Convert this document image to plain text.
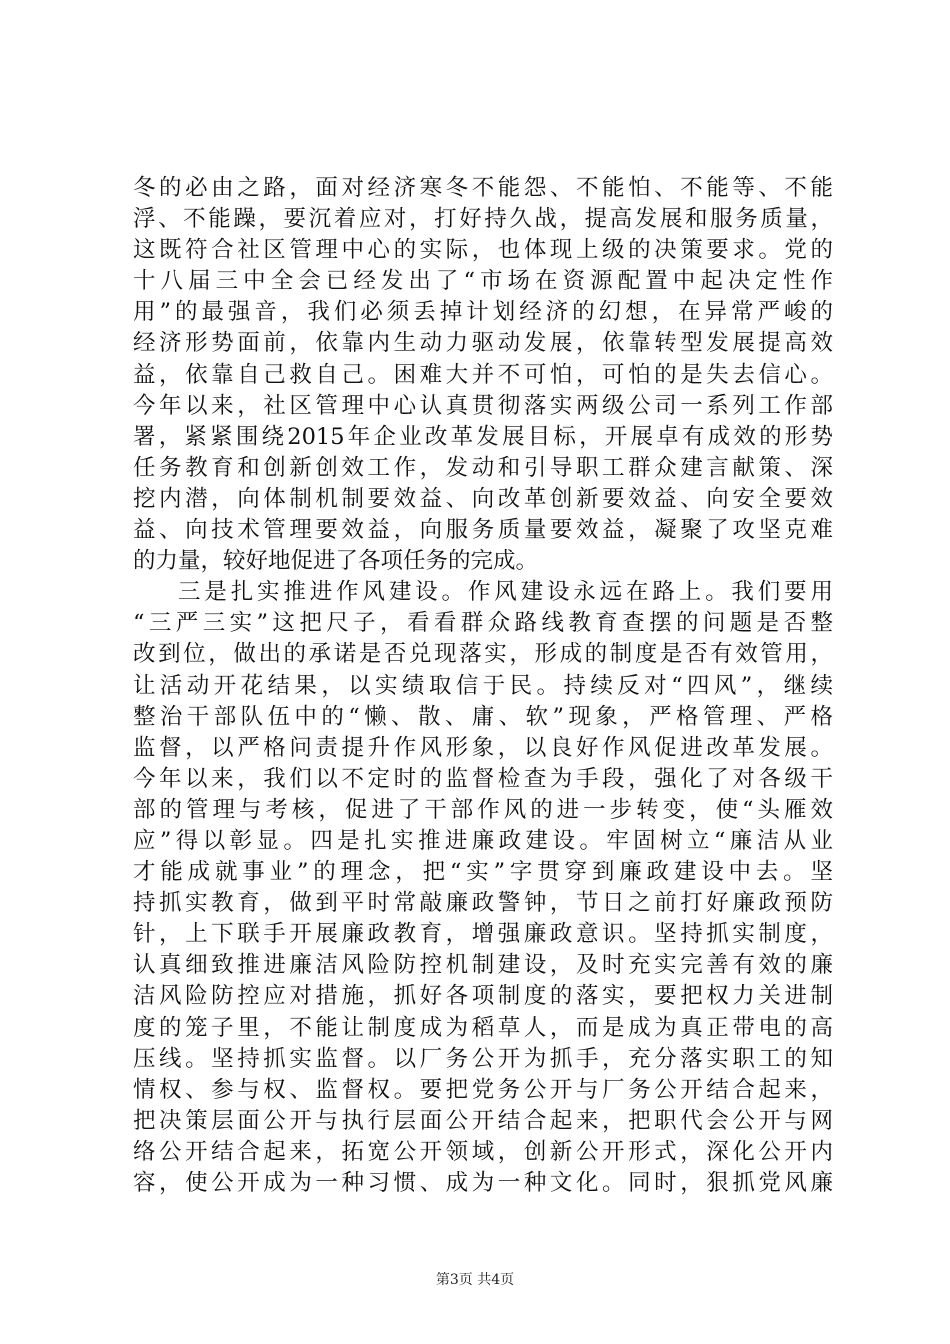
冬的必由之路，面对经济寒冬不能怨、不能怕、不能等、不能
浮、不能躁，要沉着应对，打好持久战，提高发展和服务质量，
这既符合社区管理中心的实际，也体现上级的决策要求。党的
十八届三中全会已经发出了“市场在资源配置中起决定性作
用”的最强音，我们必须丢掉计划经济的幻想，在异常严峻的
经济形势面前，依靠内生动力驱动发展，依靠转型发展提高效
益，依靠自己救自己。困难大并不可怕，可怕的是失去信心。
今年以来，社区管理中心认真贯彻落实两级公司一系列工作部
署，紧紧围绕2015年企业改革发展目标，开展卓有成效的形势
任务教育和创新创效工作，发动和引导职工群众建言献策、深
挖内潜，向体制机制要效益、向改革创新要效益、向安全要效
益、向技术管理要效益，向服务质量要效益，凝聚了攻坚克难
的力量，较好地促进了各项任务的完成。
三是扎实推进作风建设。作风建设永远在路上。我们要用
“三严三实”这把尺子，看看群众路线教育查摆的问题是否整
改到位，做出的承诺是否兑现落实，形成的制度是否有效管用，
让活动开花结果，以实绩取信于民。持续反对“四风”，继续
整治干部队伍中的“懒、散、庸、软”现象，严格管理、严格
监督，以严格问责提升作风形象，以良好作风促进改革发展。
今年以来，我们以不定时的监督检查为手段，强化了对各级干
部的管理与考核，促进了干部作风的进一步转变，使“头雁效
应”得以彰显。四是扎实推进廉政建设。牢固树立“廉洁从业
才能成就事业”的理念，把“实”字贯穿到廉政建设中去。坚
持抓实教育，做到平时常敲廉政警钟，节日之前打好廉政预防
针，上下联手开展廉政教育，增强廉政意识。坚持抓实制度，
认真细致推进廉洁风险防控机制建设，及时充实完善有效的廉
洁风险防控应对措施，抓好各项制度的落实，要把权力关进制
度的笼子里，不能让制度成为稻草人，而是成为真正带电的高
压线。坚持抓实监督。以厂务公开为抓手，充分落实职工的知
情权、参与权、监督权。要把党务公开与厂务公开结合起来，
把决策层面公开与执行层面公开结合起来，把职代会公开与网
络公开结合起来，拓宽公开领域，创新公开形式，深化公开内
容，使公开成为一种习惯、成为一种文化。同时，狠抓党风廉
第3页 共4页
